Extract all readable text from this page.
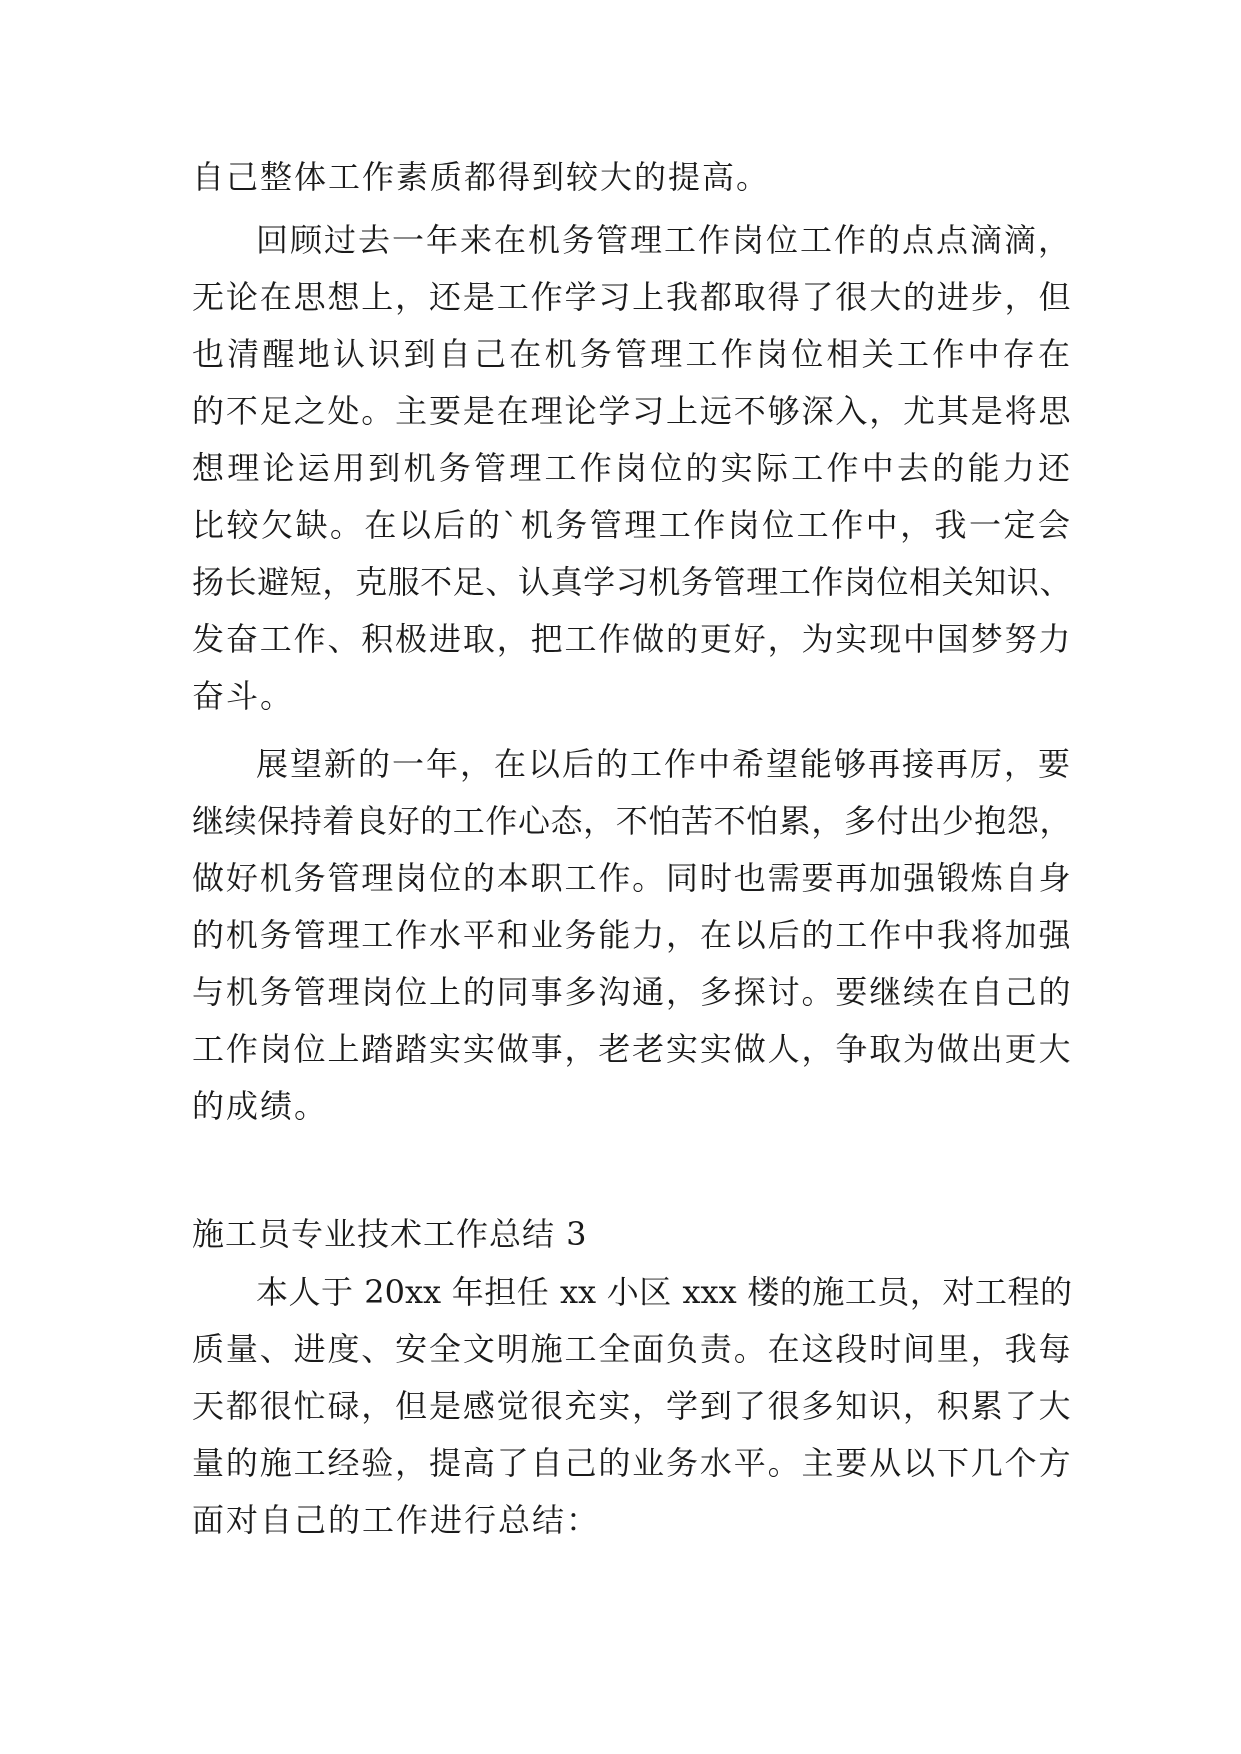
自己整体工作素质都得到较大的提高。
回顾过去一年来在机务管理工作岗位工作的点点滴滴，
无论在思想上，还是工作学习上我都取得了很大的进步，但
也清醒地认识到自己在机务管理工作岗位相关工作中存在
的不足之处。主要是在理论学习上远不够深入，尤其是将思
想理论运用到机务管理工作岗位的实际工作中去的能力还
比较欠缺。在以后的`机务管理工作岗位工作中，我一定会
扬长避短，克服不足、认真学习机务管理工作岗位相关知识、
发奋工作、积极进取，把工作做的更好，为实现中国梦努力
奋斗。
展望新的一年，在以后的工作中希望能够再接再厉，要
继续保持着良好的工作心态，不怕苦不怕累，多付出少抱怨，
做好机务管理岗位的本职工作。同时也需要再加强锻炼自身
的机务管理工作水平和业务能力，在以后的工作中我将加强
与机务管理岗位上的同事多沟通，多探讨。要继续在自己的
工作岗位上踏踏实实做事，老老实实做人，争取为做出更大
的成绩。
施工员专业技术工作总结 3
本人于 20xx 年担任 xx 小区 xxx 楼的施工员，对工程的
质量、进度、安全文明施工全面负责。在这段时间里，我每
天都很忙碌，但是感觉很充实，学到了很多知识，积累了大
量的施工经验，提高了自己的业务水平。主要从以下几个方
面对自己的工作进行总结：
